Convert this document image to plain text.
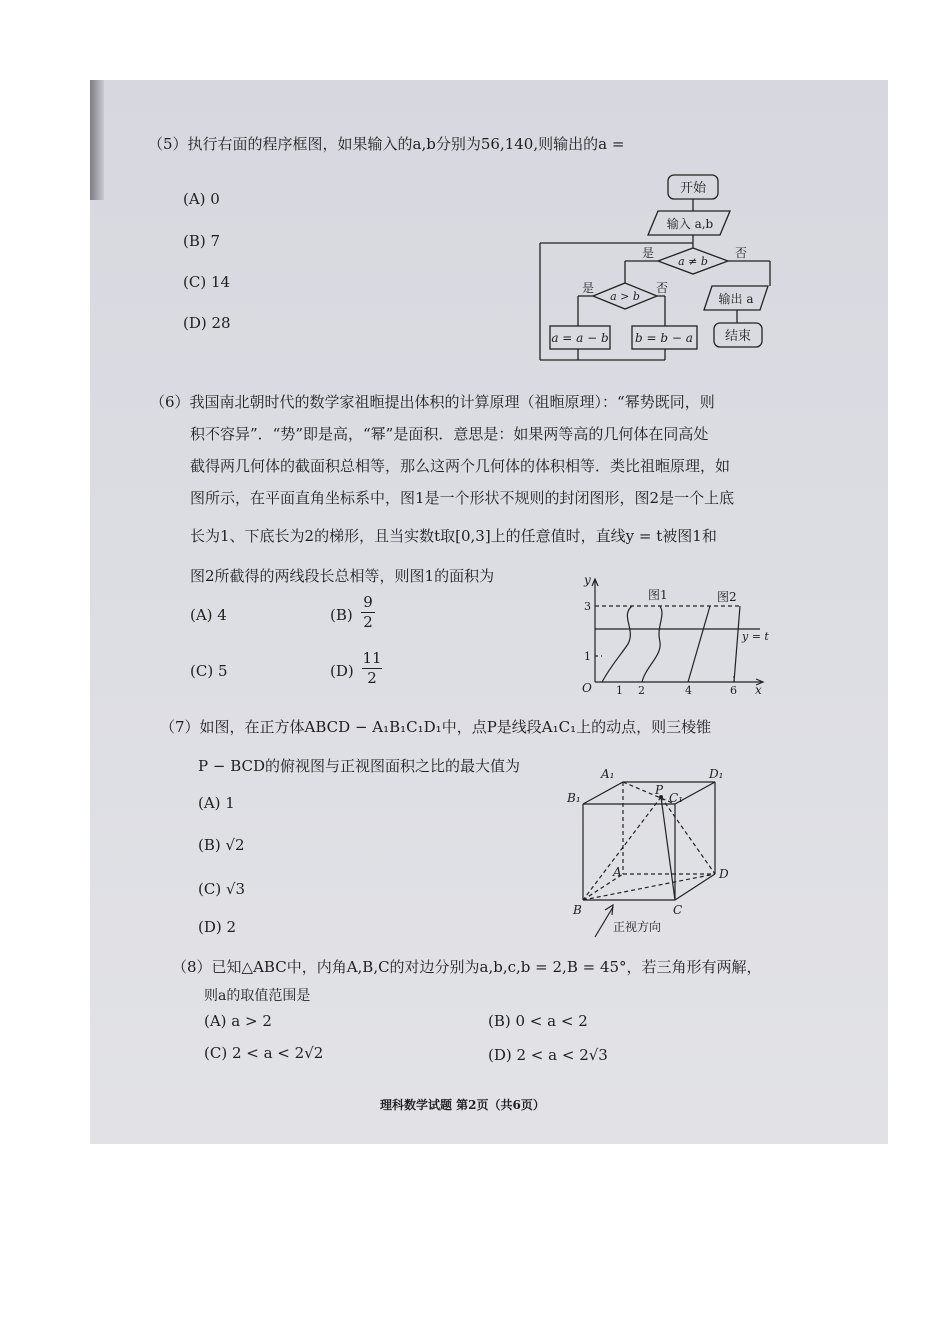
（5）执行右面的程序框图，如果输入的a,b分别为56,140,则输出的a =
(A) 0
(B) 7
(C) 14
(D) 28
开始
输入 a,b
a ≠ b
是	否
a > b
是	否
a = a − b b = b − a
输出 a
结束
（6）我国南北朝时代的数学家祖暅提出体积的计算原理（祖暅原理）：“幂势既同，则
积不容异”．“势”即是高，“幂”是面积．意思是：如果两等高的几何体在同高处
截得两几何体的截面积总相等，那么这两个几何体的体积相等．类比祖暅原理，如
图所示，在平面直角坐标系中，图1是一个形状不规则的封闭图形，图2是一个上底
长为1、下底长为2的梯形，且当实数t取[0,3]上的任意值时，直线y = t被图1和
图2所截得的两线段长总相等，则图1的面积为
(A) 4	(B)
9
2
(C) 5	(D)
11
2
y
x
O
3
1
1 2	4	6
图1	图2
y = t
（7）如图，在正方体ABCD − A₁B₁C₁D₁中，点P是线段A₁C₁上的动点，则三棱锥
P − BCD的俯视图与正视图面积之比的最大值为
(A) 1
(B) √2
(C) √3
(D) 2
A₁	D₁
B₁	C₁
P
A	D
B	C
正视方向
（8）已知△ABC中，内角A,B,C的对边分别为a,b,c,b = 2,B = 45°，若三角形有两解，
则a的取值范围是
(A) a > 2	(B) 0 < a < 2
(C) 2 < a < 2√2	(D) 2 < a < 2√3
理科数学试题 第2页（共6页）
